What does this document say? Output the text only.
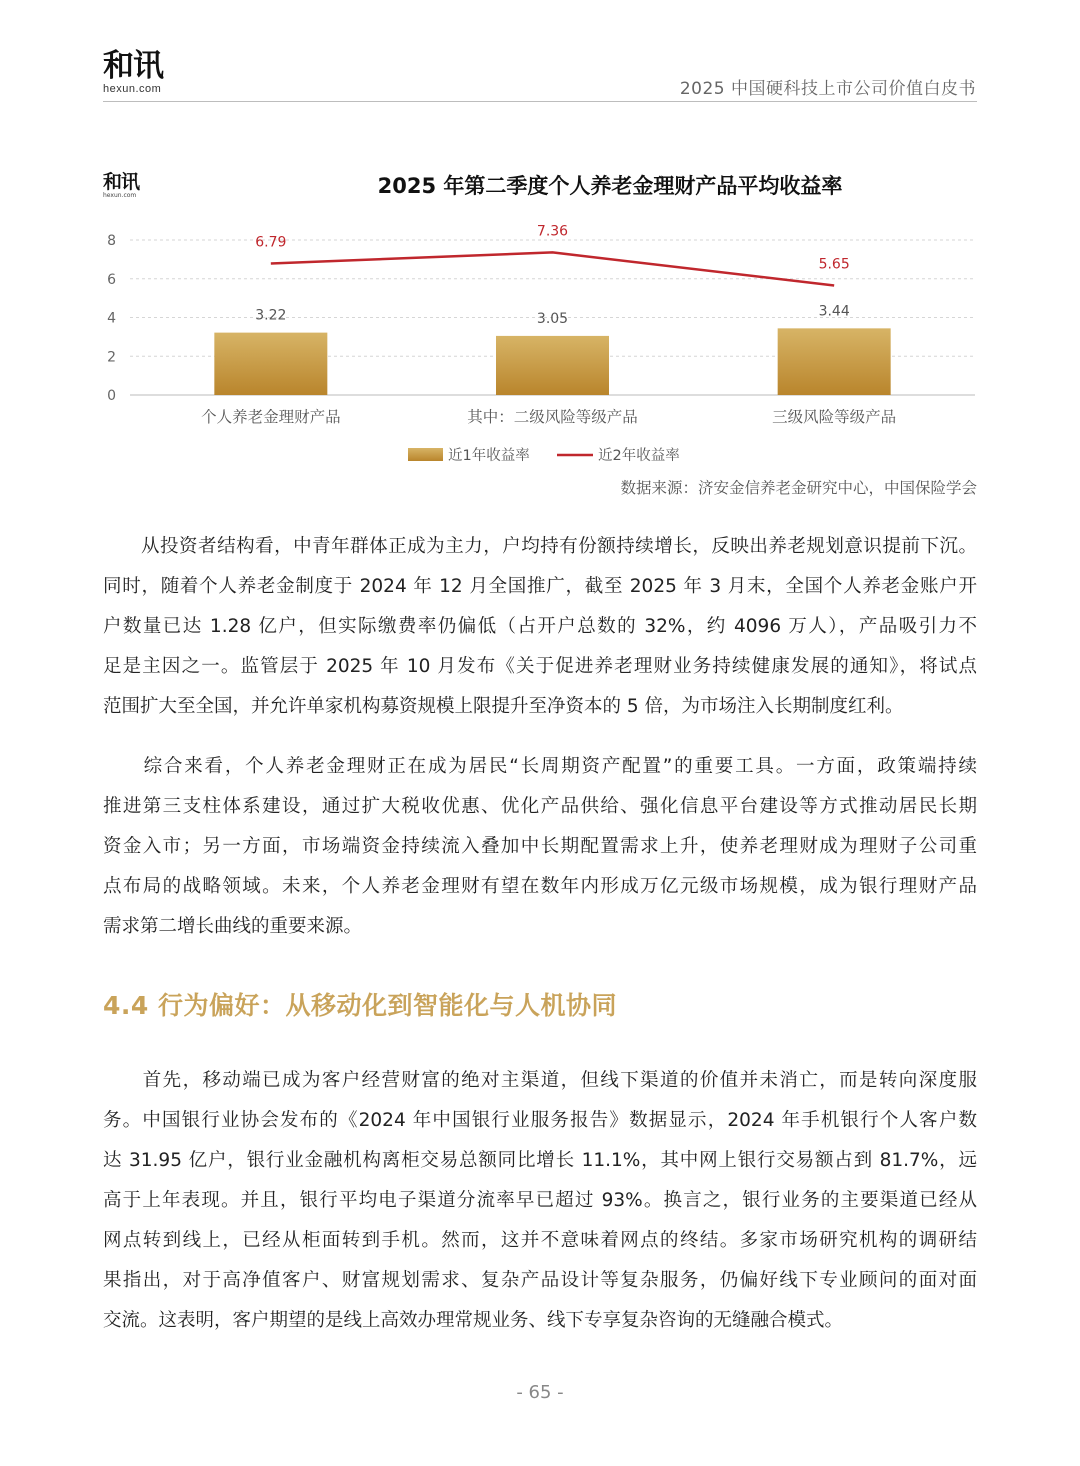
和讯
hexun.com	2025 中国硬科技上市公司价值白皮书
和讯
hexun.com	2025 年第二季度个人养老金理财产品平均收益率
0
2
4
6
8
3.22	3.05	3.44
6.79
7.36
5.65
个人养老金理财产品	其中：二级风险等级产品	三级风险等级产品
近1年收益率	近2年收益率
数据来源：济安金信养老金研究中心，中国保险学会
　　从投资者结构看，中青年群体正成为主力，户均持有份额持续增长，反映出养老规划意识提前下沉。
同时，随着个人养老金制度于 2024 年 12 月全国推广，截至 2025 年 3 月末，全国个人养老金账户开
户数量已达 1.28 亿户，但实际缴费率仍偏低（占开户总数的 32%，约 4096 万人），产品吸引力不
足是主因之一。监管层于 2025 年 10 月发布《关于促进养老理财业务持续健康发展的通知》，将试点
范围扩大至全国，并允许单家机构募资规模上限提升至净资本的 5 倍，为市场注入长期制度红利。
　　综合来看，个人养老金理财正在成为居民“长周期资产配置”的重要工具。一方面，政策端持续
推进第三支柱体系建设，通过扩大税收优惠、优化产品供给、强化信息平台建设等方式推动居民长期
资金入市；另一方面，市场端资金持续流入叠加中长期配置需求上升，使养老理财成为理财子公司重
点布局的战略领域。未来，个人养老金理财有望在数年内形成万亿元级市场规模，成为银行理财产品
需求第二增长曲线的重要来源。
4.4 行为偏好：从移动化到智能化与人机协同
　　首先，移动端已成为客户经营财富的绝对主渠道，但线下渠道的价值并未消亡，而是转向深度服
务。中国银行业协会发布的《2024 年中国银行业服务报告》数据显示，2024 年手机银行个人客户数
达 31.95 亿户，银行业金融机构离柜交易总额同比增长 11.1%，其中网上银行交易额占到 81.7%，远
高于上年表现。并且，银行平均电子渠道分流率早已超过 93%。换言之，银行业务的主要渠道已经从
网点转到线上，已经从柜面转到手机。然而，这并不意味着网点的终结。多家市场研究机构的调研结
果指出，对于高净值客户、财富规划需求、复杂产品设计等复杂服务，仍偏好线下专业顾问的面对面
交流。这表明，客户期望的是线上高效办理常规业务、线下专享复杂咨询的无缝融合模式。
- 65 -
